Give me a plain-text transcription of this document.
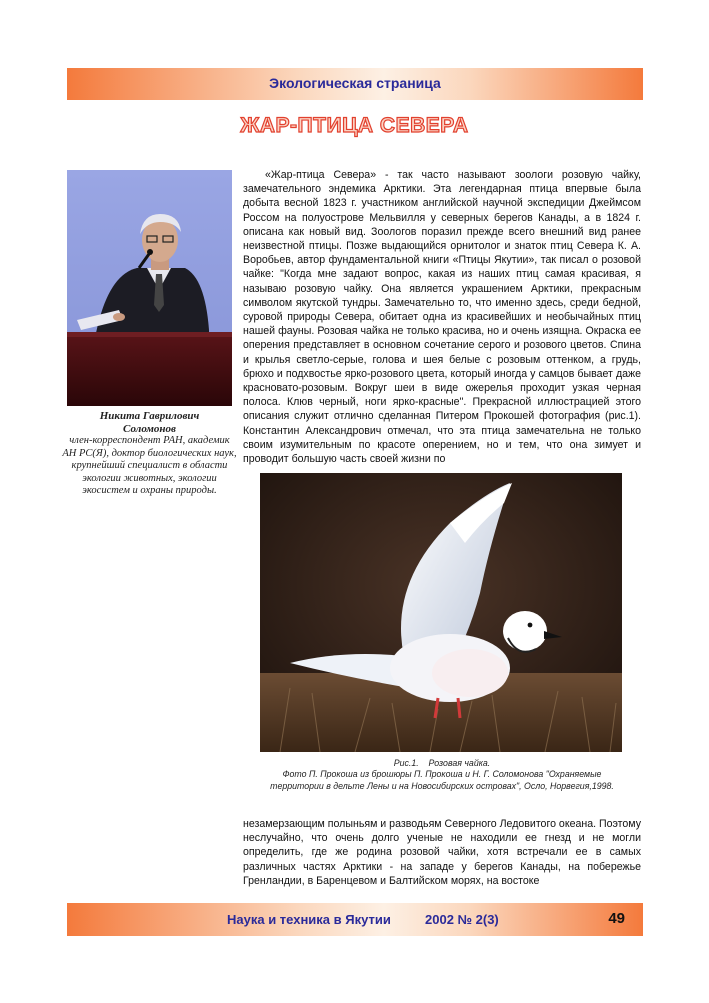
Экологическая страница
ЖАР-ПТИЦА СЕВЕРА
Никита Гаврилович
Соломонов
член-корреспондент РАН, академик АН РС(Я), доктор биологических наук, крупнейший специалист в области экологии животных, экологии экосистем и охраны природы.

«Жар-птица Севера» - так часто называют зоологи розовую чайку, замечательного эндемика Арктики. Эта легендарная птица впервые была добыта весной 1823 г. участником английской научной экспедиции Джеймсом Россом на полуострове Мельвилля у северных берегов Канады, а в 1824 г. описана как новый вид. Зоологов поразил прежде всего внешний вид ранее неизвестной птицы. Позже выдающийся орнитолог и знаток птиц Севера К. А. Воробьев, автор фундаментальной книги «Птицы Якутии», так писал о розовой чайке: "Когда мне задают вопрос, какая из наших птиц самая красивая, я называю розовую чайку. Она является украшением Арктики, прекрасным символом якутской тундры. Замечательно то, что именно здесь, среди бедной, суровой природы Севера, обитает одна из красивейших и необычайных птиц нашей фауны. Розовая чайка не только красива, но и очень изящна. Окраска ее оперения представляет в основном сочетание серого и розового цветов. Спина и крылья светло-серые, голова и шея белые с розовым оттенком, а грудь, брюхо и подхвостье ярко-розового цвета, который иногда у самцов бывает даже красновато-розовым. Вокруг шеи в виде ожерелья проходит узкая черная полоса. Клюв черный, ноги ярко-красные". Прекрасной иллюстрацией этого описания служит отлично сделанная Питером Прокошей фотография (рис.1). Константин Александрович отмечал, что эта птица замечательна не только своим изумительным по красоте оперением, но и тем, что она зимует и проводит большую часть своей жизни по

Рис.1. Розовая чайка.
Фото П. Прокоша из брошюры П. Прокоша и Н. Г. Соломонова "Охраняемые территории в дельте Лены и на Новосибирских островах", Осло, Норвегия,1998.

незамерзающим полыньям и разводьям Северного Ледовитого океана. Поэтому неслучайно, что очень долго ученые не находили ее гнезд и не могли определить, где же родина розовой чайки, хотя встречали ее в самых различных частях Арктики - на западе у берегов Канады, на побережье Гренландии, в Баренцевом и Балтийском морях, на востоке

Наука и техника в Якутии	2002 № 2(3)	49
